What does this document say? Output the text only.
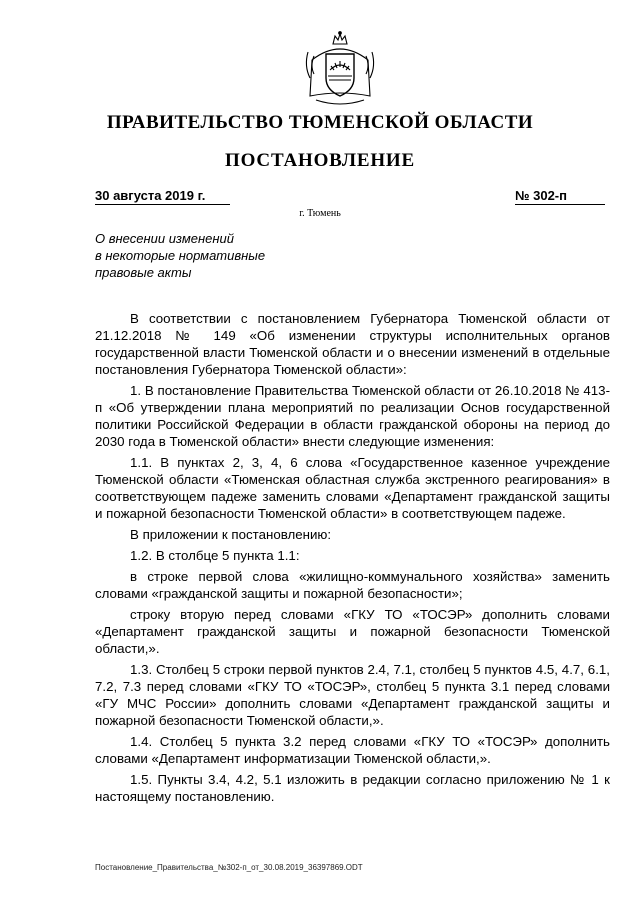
ПРАВИТЕЛЬСТВО ТЮМЕНСКОЙ ОБЛАСТИ
ПОСТАНОВЛЕНИЕ
30 августа 2019 г.	№ 302-п
г. Тюмень
О внесении изменений
в некоторые нормативные
правовые акты

В соответствии с постановлением Губернатора Тюменской области от 21.12.2018 № 149 «Об изменении структуры исполнительных органов государственной власти Тюменской области и о внесении изменений в отдельные постановления Губернатора Тюменской области»:

1. В постановление Правительства Тюменской области от 26.10.2018 № 413-п «Об утверждении плана мероприятий по реализации Основ государственной политики Российской Федерации в области гражданской обороны на период до 2030 года в Тюменской области» внести следующие изменения:

1.1. В пунктах 2, 3, 4, 6 слова «Государственное казенное учреждение Тюменской области «Тюменская областная служба экстренного реагирования» в соответствующем падеже заменить словами «Департамент гражданской защиты и пожарной безопасности Тюменской области» в соответствующем падеже.

В приложении к постановлению:

1.2. В столбце 5 пункта 1.1:

в строке первой слова «жилищно-коммунального хозяйства» заменить словами «гражданской защиты и пожарной безопасности»;

строку вторую перед словами «ГКУ ТО «ТОСЭР» дополнить словами «Департамент гражданской защиты и пожарной безопасности Тюменской области,».

1.3. Столбец 5 строки первой пунктов 2.4, 7.1, столбец 5 пунктов 4.5, 4.7, 6.1, 7.2, 7.3 перед словами «ГКУ ТО «ТОСЭР», столбец 5 пункта 3.1 перед словами «ГУ МЧС России» дополнить словами «Департамент гражданской защиты и пожарной безопасности Тюменской области,».

1.4. Столбец 5 пункта 3.2 перед словами «ГКУ ТО «ТОСЭР» дополнить словами «Департамент информатизации Тюменской области,».

1.5. Пункты 3.4, 4.2, 5.1 изложить в редакции согласно приложению № 1 к настоящему постановлению.

Постановление_Правительства_№302-п_от_30.08.2019_36397869.ODT
